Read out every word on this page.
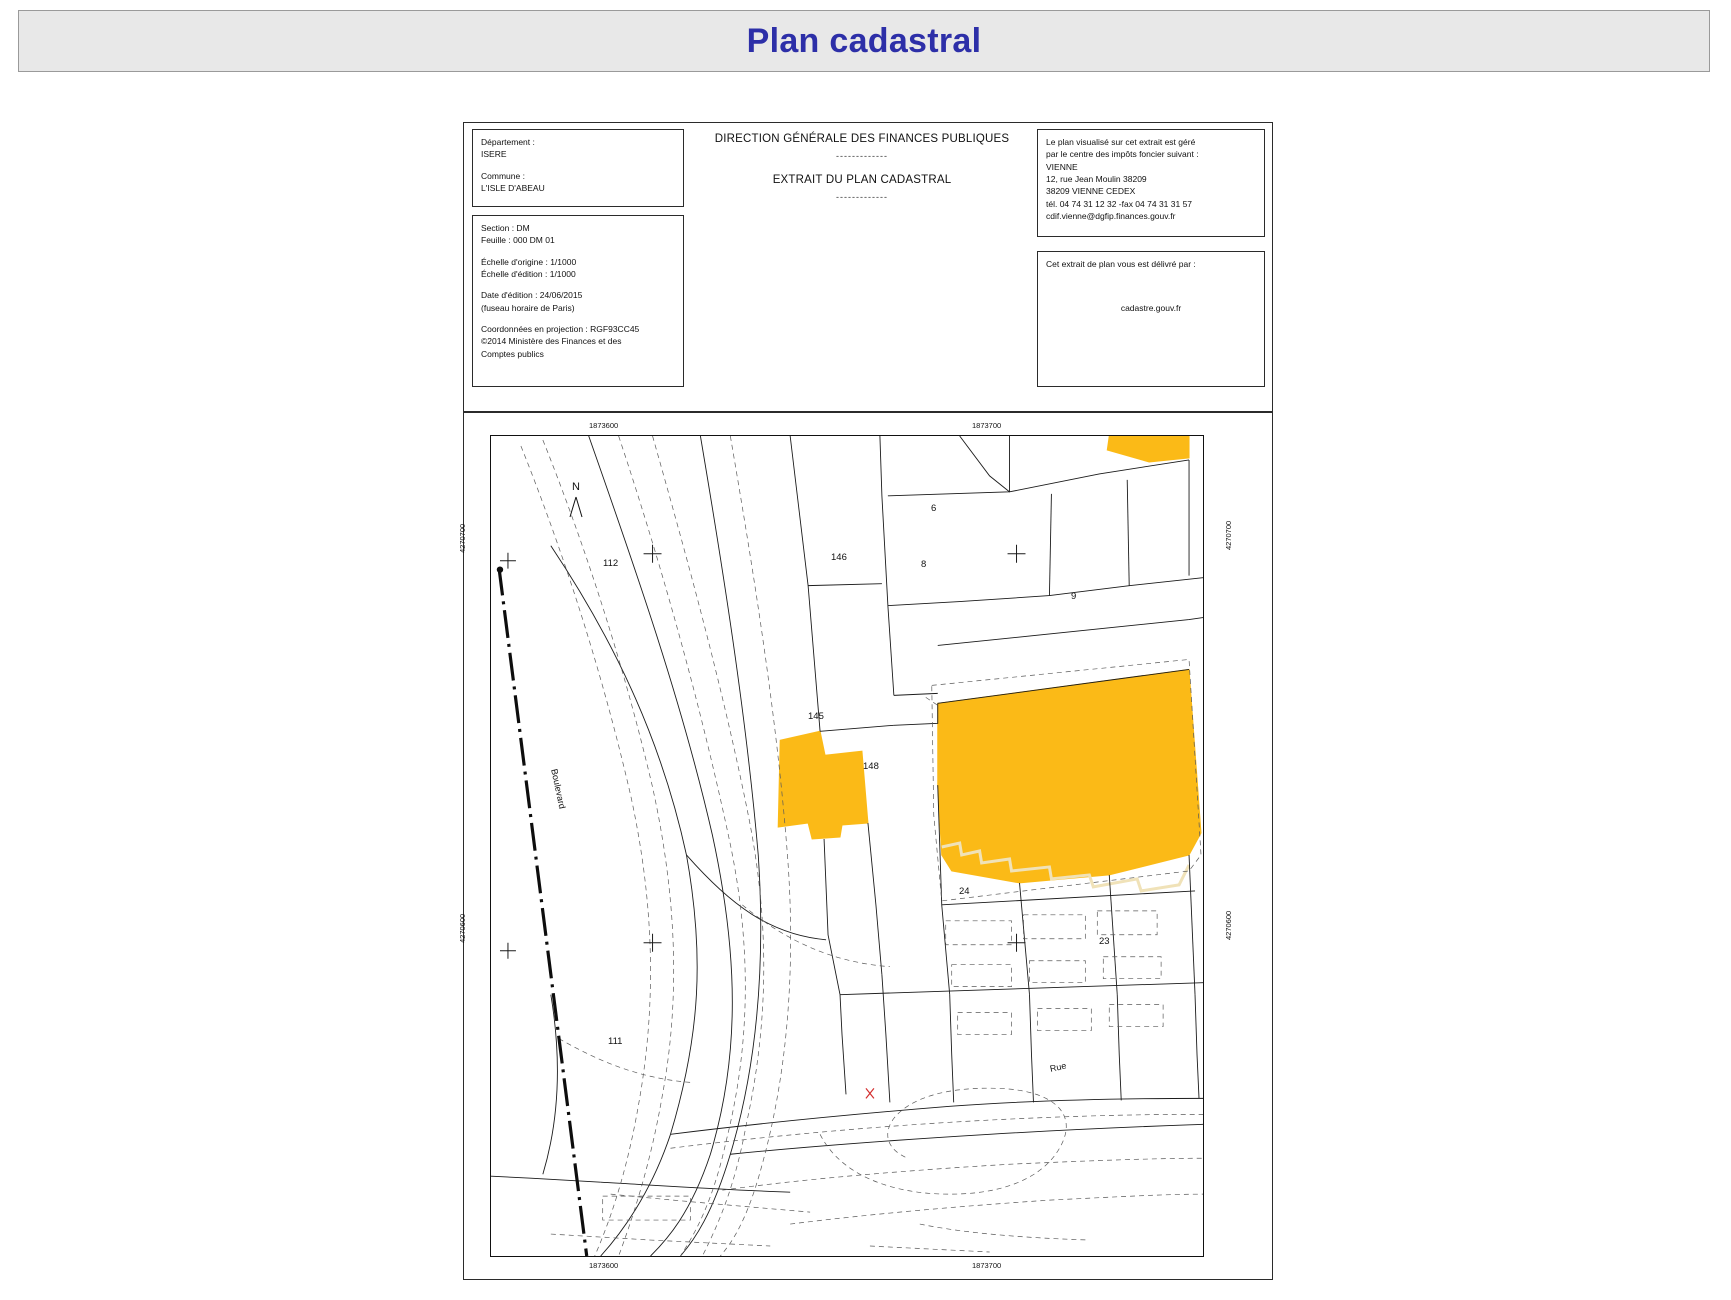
Plan cadastral
Département :
ISERE
Commune :
L'ISLE D'ABEAU
Section : DM
Feuille : 000 DM 01
Échelle d'origine : 1/1000
Échelle d'édition : 1/1000
Date d'édition : 24/06/2015
(fuseau horaire de Paris)
Coordonnées en projection : RGF93CC45
©2014 Ministère des Finances et des
Comptes publics
DIRECTION GÉNÉRALE DES FINANCES PUBLIQUES
-------------
EXTRAIT DU PLAN CADASTRAL
-------------
Le plan visualisé sur cet extrait est géré
par le centre des impôts foncier suivant :
VIENNE
12, rue Jean Moulin 38209
38209 VIENNE CEDEX
tél. 04 74 31 12 32 -fax 04 74 31 31 57
cdif.vienne@dgfip.finances.gouv.fr
Cet extrait de plan vous est délivré par :
cadastre.gouv.fr
1873600	1873700
1873600	1873700
4270700
4270600
4270700
4270600
N
Boulevard
Rue
112
146
8
9
6
145
148
24
23
111
